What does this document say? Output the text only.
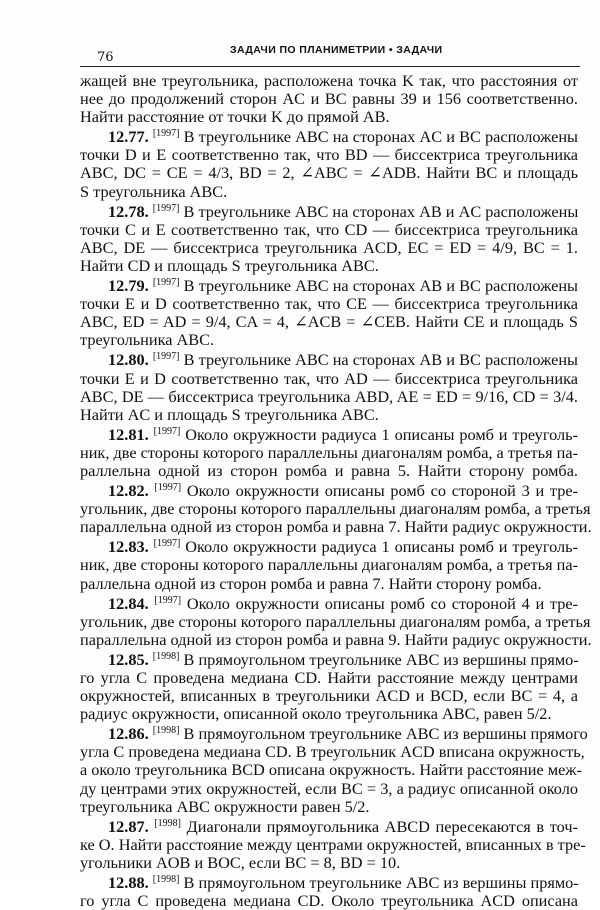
76	ЗАДАЧИ ПО ПЛАНИМЕТРИИ • ЗАДАЧИ
жащей вне треугольника, расположена точка K так, что расстояния от
нее до продолжений сторон AC и BC равны 39 и 156 соответственно.
Найти расстояние от точки K до прямой AB.
12.77. [1997] В треугольнике ABC на сторонах AC и BC расположены
точки D и E соответственно так, что BD — биссектриса треугольника
ABC, DC = CE = 4/3, BD = 2, ∠ABC = ∠ADB. Найти BC и площадь
S треугольника ABC.
12.78. [1997] В треугольнике ABC на сторонах AB и AC расположены
точки C и E соответственно так, что CD — биссектриса треугольника
ABC, DE — биссектриса треугольника ACD, EC = ED = 4/9, BC = 1.
Найти CD и площадь S треугольника ABC.
12.79. [1997] В треугольнике ABC на сторонах AB и BC расположены
точки E и D соответственно так, что CE — биссектриса треугольника
ABC, ED = AD = 9/4, CA = 4, ∠ACB = ∠CEB. Найти CE и площадь S
треугольника ABC.
12.80. [1997] В треугольнике ABC на сторонах AB и BC расположены
точки E и D соответственно так, что AD — биссектриса треугольника
ABC, DE — биссектриса треугольника ABD, AE = ED = 9/16, CD = 3/4.
Найти AC и площадь S треугольника ABC.
12.81. [1997] Около окружности радиуса 1 описаны ромб и треуголь-
ник, две стороны которого параллельны диагоналям ромба, а третья па-
раллельна одной из сторон ромба и равна 5. Найти сторону ромба.
12.82. [1997] Около окружности описаны ромб со стороной 3 и тре-
угольник, две стороны которого параллельны диагоналям ромба, а третья
параллельна одной из сторон ромба и равна 7. Найти радиус окружности.
12.83. [1997] Около окружности радиуса 1 описаны ромб и треуголь-
ник, две стороны которого параллельны диагоналям ромба, а третья па-
раллельна одной из сторон ромба и равна 7. Найти сторону ромба.
12.84. [1997] Около окружности описаны ромб со стороной 4 и тре-
угольник, две стороны которого параллельны диагоналям ромба, а третья
параллельна одной из сторон ромба и равна 9. Найти радиус окружности.
12.85. [1998] В прямоугольном треугольнике ABC из вершины прямо-
го угла C проведена медиана CD. Найти расстояние между центрами
окружностей, вписанных в треугольники ACD и BCD, если BC = 4, а
радиус окружности, описанной около треугольника ABC, равен 5/2.
12.86. [1998] В прямоугольном треугольнике ABC из вершины прямого
угла C проведена медиана CD. В треугольник ACD вписана окружность,
а около треугольника BCD описана окружность. Найти расстояние меж-
ду центрами этих окружностей, если BC = 3, а радиус описанной около
треугольника ABC окружности равен 5/2.
12.87. [1998] Диагонали прямоугольника ABCD пересекаются в точ-
ке O. Найти расстояние между центрами окружностей, вписанных в тре-
угольники AOB и BOC, если BC = 8, BD = 10.
12.88. [1998] В прямоугольном треугольнике ABC из вершины прямо-
го угла C проведена медиана CD. Около треугольника ACD описана
